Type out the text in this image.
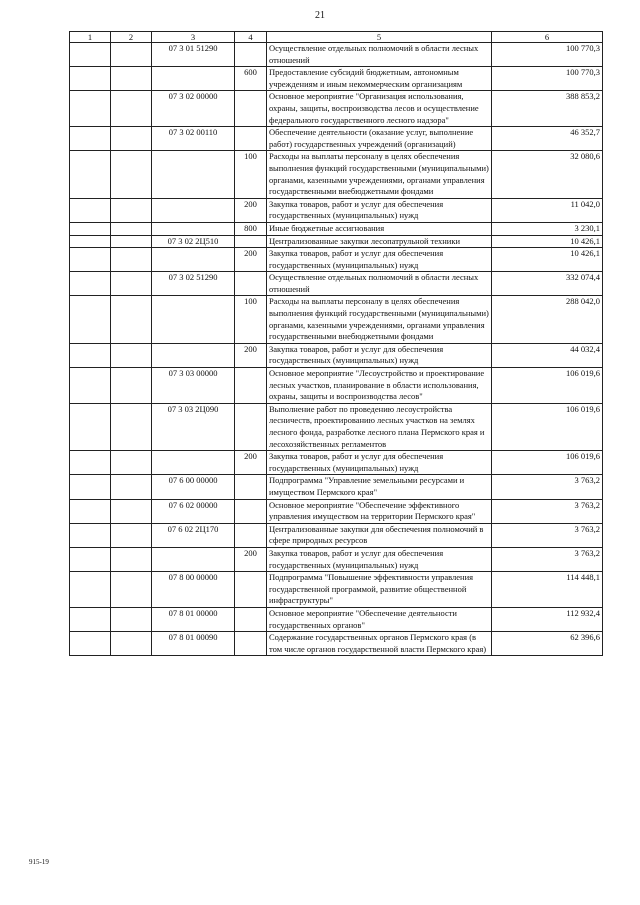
21
1	2	3	4	5	6
		07 3 01 51290		Осуществление отдельных полномочий в области лесных отношений	100 770,3
			600	Предоставление субсидий бюджетным, автономным учреждениям и иным некоммерческим организациям	100 770,3
		07 3 02 00000		Основное мероприятие "Организация использования, охраны, защиты, воспроизводства лесов и осуществление федерального государственного лесного надзора"	388 853,2
		07 3 02 00110		Обеспечение деятельности (оказание услуг, выполнение работ) государственных учреждений (организаций)	46 352,7
			100	Расходы на выплаты персоналу в целях обеспечения выполнения функций государственными (муниципальными) органами, казенными учреждениями, органами управления государственными внебюджетными фондами	32 080,6
			200	Закупка товаров, работ и услуг для обеспечения государственных (муниципальных) нужд	11 042,0
			800	Иные бюджетные ассигнования	3 230,1
		07 3 02 2Ц510		Централизованные закупки лесопатрульной техники	10 426,1
			200	Закупка товаров, работ и услуг для обеспечения государственных (муниципальных) нужд	10 426,1
		07 3 02 51290		Осуществление отдельных полномочий в области лесных отношений	332 074,4
			100	Расходы на выплаты персоналу в целях обеспечения выполнения функций государственными (муниципальными) органами, казенными учреждениями, органами управления государственными внебюджетными фондами	288 042,0
			200	Закупка товаров, работ и услуг для обеспечения государственных (муниципальных) нужд	44 032,4
		07 3 03 00000		Основное мероприятие "Лесоустройство и проектирование лесных участков, планирование в области использования, охраны, защиты и воспроизводства лесов"	106 019,6
		07 3 03 2Ц090		Выполнение работ по проведению лесоустройства лесничеств, проектированию лесных участков на землях лесного фонда, разработке лесного плана Пермского края и лесохозяйственных регламентов	106 019,6
			200	Закупка товаров, работ и услуг для обеспечения государственных (муниципальных) нужд	106 019,6
		07 6 00 00000		Подпрограмма "Управление земельными ресурсами и имуществом Пермского края"	3 763,2
		07 6 02 00000		Основное мероприятие "Обеспечение эффективного управления имуществом на территории Пермского края"	3 763,2
		07 6 02 2Ц170		Централизованные закупки для обеспечения полномочий в сфере природных ресурсов	3 763,2
			200	Закупка товаров, работ и услуг для обеспечения государственных (муниципальных) нужд	3 763,2
		07 8 00 00000		Подпрограмма "Повышение эффективности управления государственной программой, развитие общественной инфраструктуры"	114 448,1
		07 8 01 00000		Основное мероприятие "Обеспечение деятельности государственных органов"	112 932,4
		07 8 01 00090		Содержание государственных органов Пермского края (в том числе органов государственной власти Пермского края)	62 396,6
915-19
